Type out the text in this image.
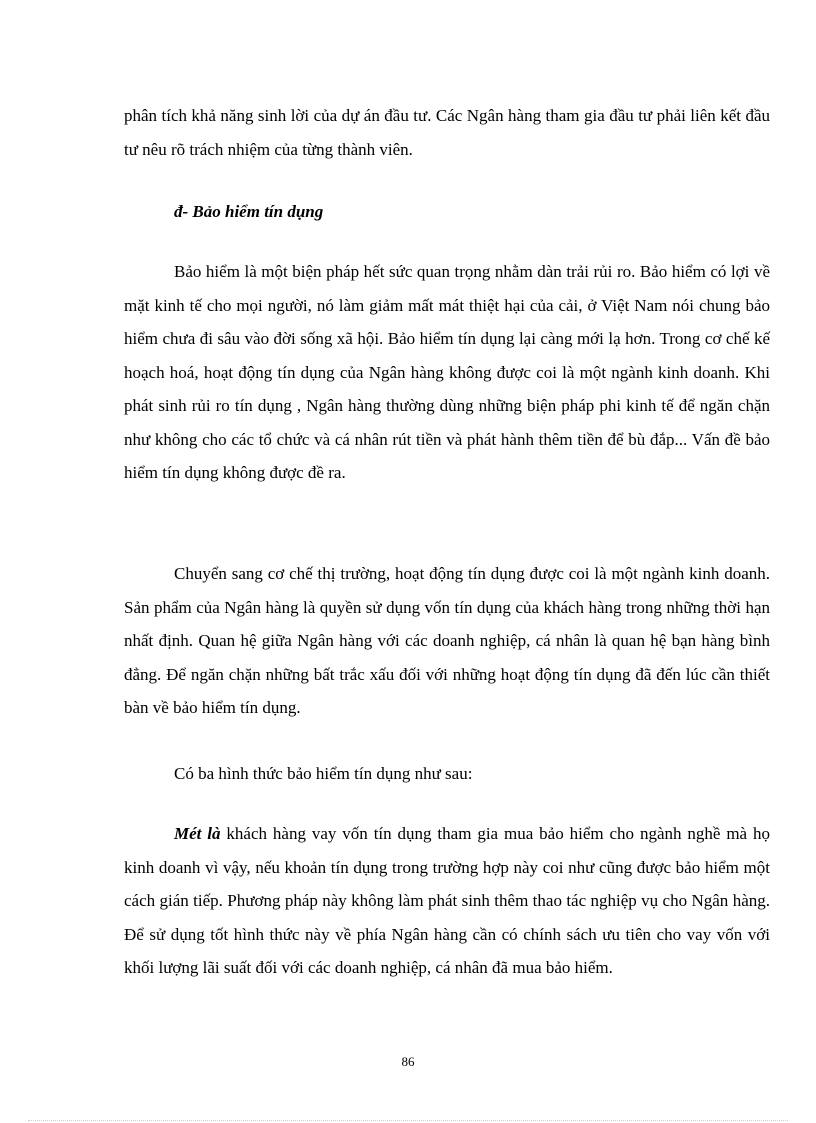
phân tích khả năng sinh lời của dự án đầu tư. Các Ngân hàng tham gia đầu tư phải liên kết đầu tư nêu rõ trách nhiệm của từng thành viên.

đ- Bảo hiểm tín dụng

Bảo hiểm là một biện pháp hết sức quan trọng nhằm dàn trải rủi ro. Bảo hiểm có lợi về mặt kinh tế cho mọi người, nó làm giảm mất mát thiệt hại của cải, ở Việt Nam nói chung bảo hiểm chưa đi sâu vào đời sống xã hội. Bảo hiểm tín dụng lại càng mới lạ hơn. Trong cơ chế kế hoạch hoá, hoạt động tín dụng của Ngân hàng không được coi là một ngành kinh doanh. Khi phát sinh rủi ro tín dụng , Ngân hàng thường dùng những biện pháp phi kinh tế để ngăn chặn như không cho các tổ chức và cá nhân rút tiền và phát hành thêm tiền để bù đắp... Vấn đề bảo hiểm tín dụng không được đề ra.

Chuyển sang cơ chế thị trường, hoạt động tín dụng được coi là một ngành kinh doanh. Sản phẩm của Ngân hàng là quyền sử dụng vốn tín dụng của khách hàng trong những thời hạn nhất định. Quan hệ giữa Ngân hàng với các doanh nghiệp, cá nhân là quan hệ bạn hàng bình đẳng. Để ngăn chặn những bất trắc xấu đối với những hoạt động tín dụng đã đến lúc cần thiết bàn về bảo hiểm tín dụng.

Có ba hình thức bảo hiểm tín dụng như sau:

Mét là khách hàng vay vốn tín dụng tham gia mua bảo hiểm cho ngành nghề mà họ kinh doanh vì vậy, nếu khoản tín dụng trong trường hợp này coi như cũng được bảo hiểm một cách gián tiếp. Phương pháp này không làm phát sinh thêm thao tác nghiệp vụ cho Ngân hàng. Để sử dụng tốt hình thức này về phía Ngân hàng cần có chính sách ưu tiên cho vay vốn với khối lượng lãi suất đối với các doanh nghiệp, cá nhân đã mua bảo hiểm.

86
